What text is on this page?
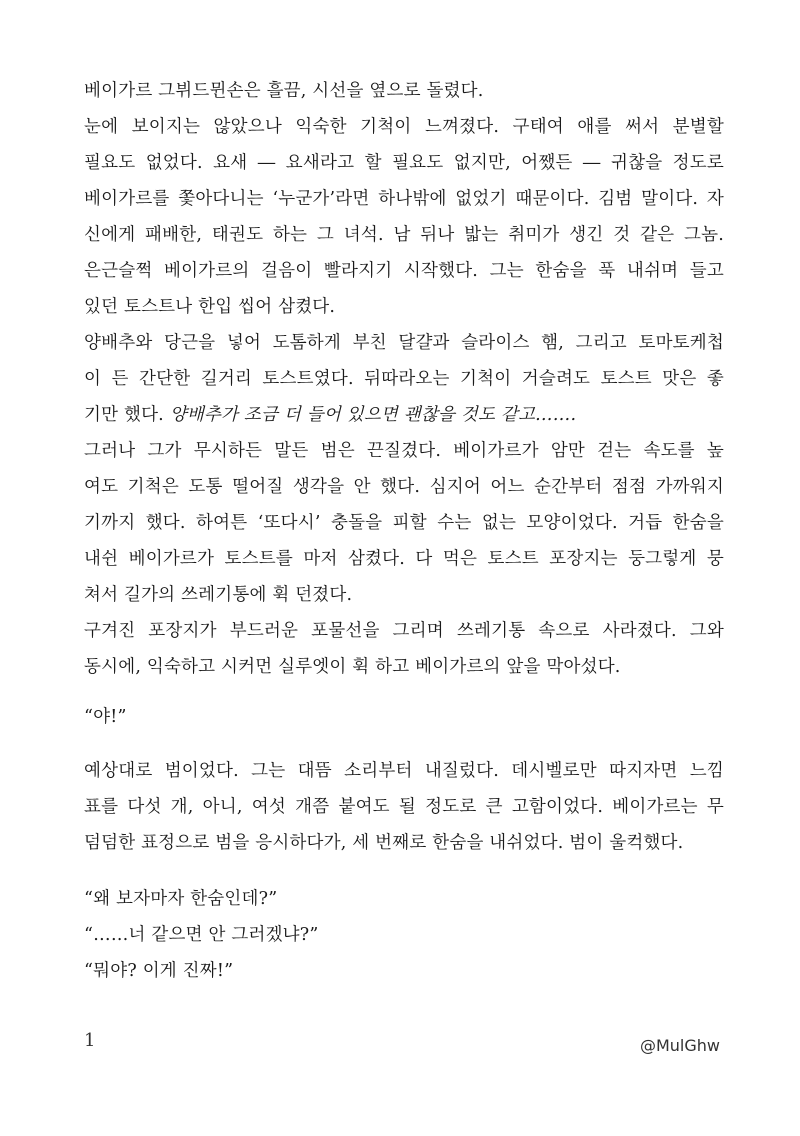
베이가르 그뷔드뮌손은 흘끔, 시선을 옆으로 돌렸다.
눈에 보이지는 않았으나 익숙한 기척이 느껴졌다. 구태여 애를 써서 분별할
필요도 없었다. 요새 ― 요새라고 할 필요도 없지만, 어쨌든 ― 귀찮을 정도로
베이가르를 쫓아다니는 ‘누군가’라면 하나밖에 없었기 때문이다. 김범 말이다. 자
신에게 패배한, 태권도 하는 그 녀석. 남 뒤나 밟는 취미가 생긴 것 같은 그놈.
은근슬쩍 베이가르의 걸음이 빨라지기 시작했다. 그는 한숨을 푹 내쉬며 들고
있던 토스트나 한입 씹어 삼켰다.
양배추와 당근을 넣어 도톰하게 부친 달걀과 슬라이스 햄, 그리고 토마토케첩
이 든 간단한 길거리 토스트였다. 뒤따라오는 기척이 거슬려도 토스트 맛은 좋
기만 했다. 양배추가 조금 더 들어 있으면 괜찮을 것도 같고…….
그러나 그가 무시하든 말든 범은 끈질겼다. 베이가르가 암만 걷는 속도를 높
여도 기척은 도통 떨어질 생각을 안 했다. 심지어 어느 순간부터 점점 가까워지
기까지 했다. 하여튼 ‘또다시’ 충돌을 피할 수는 없는 모양이었다. 거듭 한숨을
내쉰 베이가르가 토스트를 마저 삼켰다. 다 먹은 토스트 포장지는 둥그렇게 뭉
쳐서 길가의 쓰레기통에 휙 던졌다.
구겨진 포장지가 부드러운 포물선을 그리며 쓰레기통 속으로 사라졌다. 그와
동시에, 익숙하고 시커먼 실루엣이 휙 하고 베이가르의 앞을 막아섰다.
“야!”
예상대로 범이었다. 그는 대뜸 소리부터 내질렀다. 데시벨로만 따지자면 느낌
표를 다섯 개, 아니, 여섯 개쯤 붙여도 될 정도로 큰 고함이었다. 베이가르는 무
덤덤한 표정으로 범을 응시하다가, 세 번째로 한숨을 내쉬었다. 범이 울컥했다.
“왜 보자마자 한숨인데?”
“……너 같으면 안 그러겠냐?”
“뭐야? 이게 진짜!”
1	@MulGhw
